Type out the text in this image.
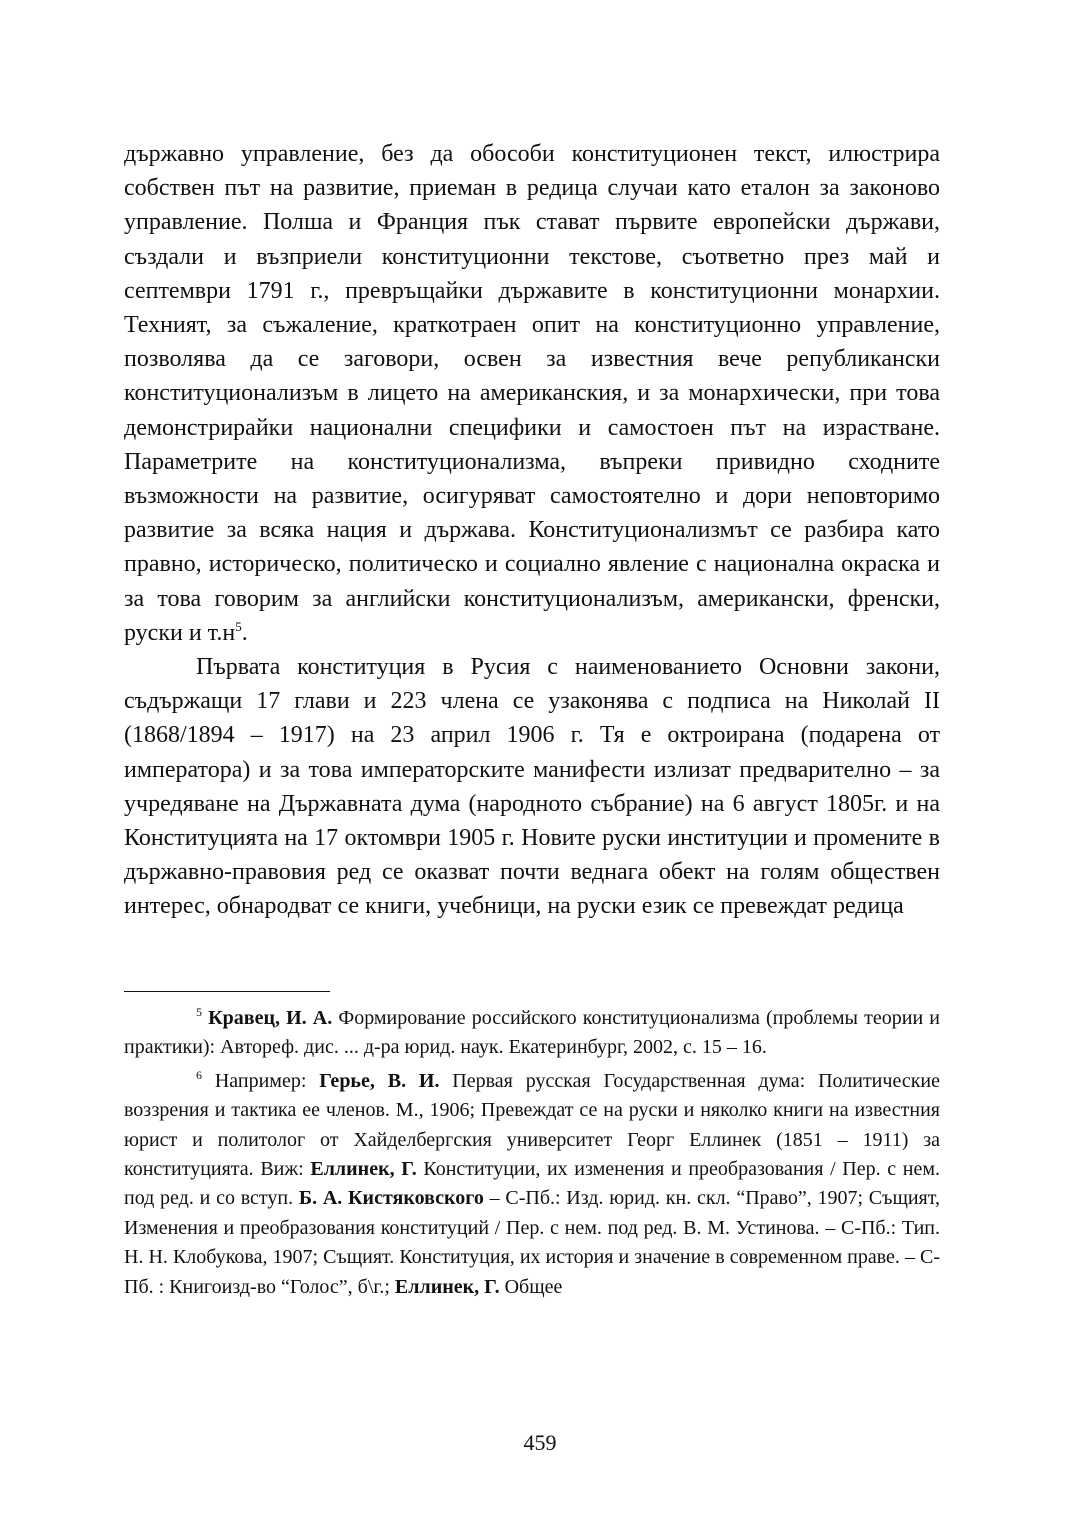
държавно управление, без да обособи конституционен текст, илюстрира собствен път на развитие, приеман в редица случаи като еталон за законово управление. Полша и Франция пък стават първите европейски държави, създали и възприели конституционни текстове, съответно през май и септември 1791 г., превръщайки държавите в конституционни монархии. Техният, за съжаление, краткотраен опит на конституционно управление, позволява да се заговори, освен за известния вече републикански конституционализъм в лицето на американския, и за монархически, при това демонстрирайки национални специфики и самостоен път на израстване. Параметрите на конституционализма, въпреки привидно сходните възможности на развитие, осигуряват самостоятелно и дори неповторимо развитие за всяка нация и държава. Конституционализмът се разбира като правно, историческо, политическо и социално явление с национална окраска и за това говорим за английски конституционализъм, американски, френски, руски и $т.н^5$.

Първата конституция в Русия с наименованието Основни закони, съдържащи 17 глави и 223 члена се узаконява с подписа на Николай II (1868/1894 – 1917) на 23 април 1906 г. Тя е октроирана (подарена от императора) и за това императорските манифести излизат предварително – за учредяване на Държавната дума (народното събрание) на 6 август 1805г. и на Конституцията на 17 октомври 1905 г. Новите руски институции и промените в държавно-правовия ред се оказват почти веднага обект на голям обществен интерес, обнародват се книги, учебници, на руски език се превеждат редица

$^5$ Кравец, И. А. Формирование российского конституционализма (проблемы теории и практики): Автореф. дис. ... д-ра юрид. наук. Екатеринбург, 2002, с. 15 – 16.

$^6$ Например: Герье, В. И. Первая русская Государственная дума: Политические воззрения и тактика ее членов. М., 1906; Превеждат се на руски и няколко книги на известния юрист и политолог от Хайделбергския университет Георг Еллинек (1851 – 1911) за конституцията. Виж: Еллинек, Г. Конституции, их изменения и преобразования / Пер. с нем. под ред. и со вступ. Б. А. Кистяковского – С-Пб.: Изд. юрид. кн. скл. “Право”, 1907; Същият, Изменения и преобразования конституций / Пер. с нем. под ред. В. М. Устинова. – С-Пб.: Тип. Н. Н. Клобукова, 1907; Същият. Конституция, их история и значение в современном праве. – С-Пб. : Книгоизд-во “Голос”, б\г.; Еллинек, Г. Общее

459
